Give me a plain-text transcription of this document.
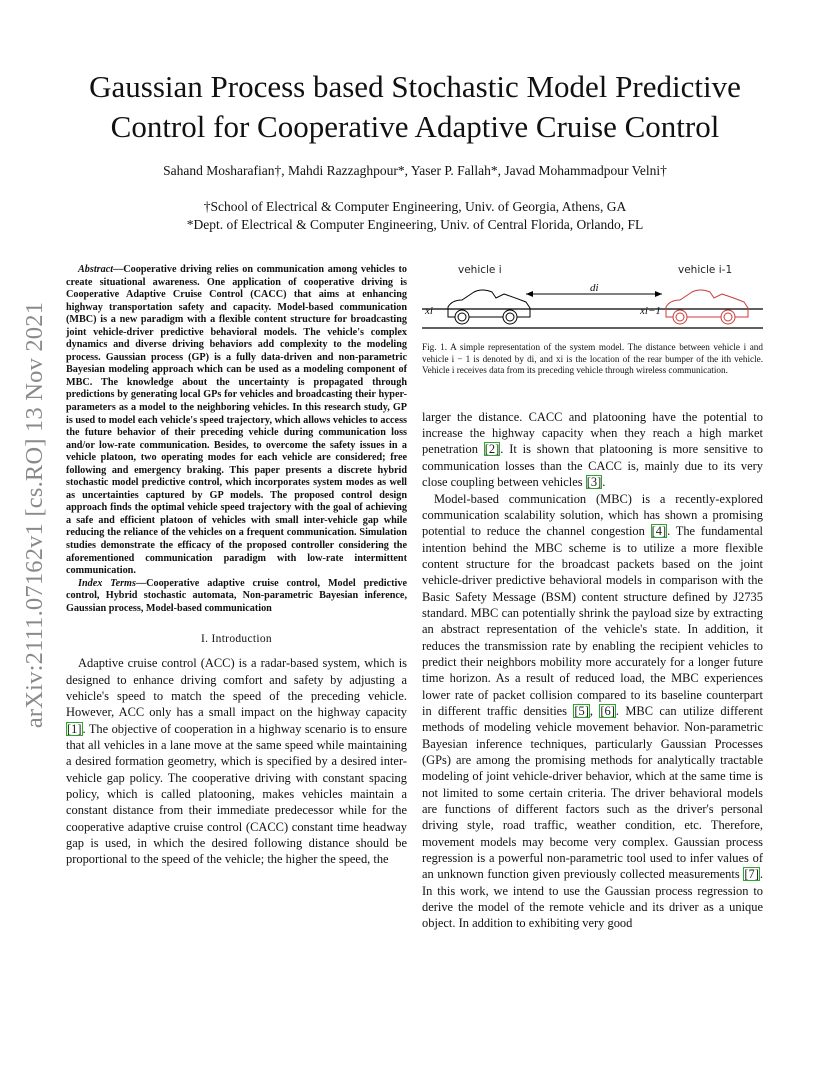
arXiv:2111.07162v1 [cs.RO] 13 Nov 2021
Gaussian Process based Stochastic Model Predictive
Control for Cooperative Adaptive Cruise Control
Sahand Mosharafian†, Mahdi Razzaghpour*, Yaser P. Fallah*, Javad Mohammadpour Velni†
†School of Electrical & Computer Engineering, Univ. of Georgia, Athens, GA
*Dept. of Electrical & Computer Engineering, Univ. of Central Florida, Orlando, FL

Abstract—Cooperative driving relies on communication among vehicles to create situational awareness. One application of cooperative driving is Cooperative Adaptive Cruise Control (CACC) that aims at enhancing highway transportation safety and capacity. Model-based communication (MBC) is a new paradigm with a flexible content structure for broadcasting joint vehicle-driver predictive behavioral models. The vehicle's complex dynamics and diverse driving behaviors add complexity to the modeling process. Gaussian process (GP) is a fully data-driven and non-parametric Bayesian modeling approach which can be used as a modeling component of MBC. The knowledge about the uncertainty is propagated through predictions by generating local GPs for vehicles and broadcasting their hyper-parameters as a model to the neighboring vehicles. In this research study, GP is used to model each vehicle's speed trajectory, which allows vehicles to access the future behavior of their preceding vehicle during communication loss and/or low-rate communication. Besides, to overcome the safety issues in a vehicle platoon, two operating modes for each vehicle are considered; free following and emergency braking. This paper presents a discrete hybrid stochastic model predictive control, which incorporates system modes as well as uncertainties captured by GP models. The proposed control design approach finds the optimal vehicle speed trajectory with the goal of achieving a safe and efficient platoon of vehicles with small inter-vehicle gap while reducing the reliance of the vehicles on a frequent communication. Simulation studies demonstrate the efficacy of the proposed controller considering the aforementioned communication paradigm with low-rate intermittent communication.

Index Terms—Cooperative adaptive cruise control, Model predictive control, Hybrid stochastic automata, Non-parametric Bayesian inference, Gaussian process, Model-based communication

I. Introduction

Adaptive cruise control (ACC) is a radar-based system, which is designed to enhance driving comfort and safety by adjusting a vehicle's speed to match the speed of the preceding vehicle. However, ACC only has a small impact on the highway capacity [1]. The objective of cooperation in a highway scenario is to ensure that all vehicles in a lane move at the same speed while maintaining a desired formation geometry, which is specified by a desired inter-vehicle gap policy. The cooperative driving with constant spacing policy, which is called platooning, makes vehicles maintain a constant distance from their immediate predecessor while for the cooperative adaptive cruise control (CACC) constant time headway gap is used, in which the desired following distance should be proportional to the speed of the vehicle; the higher the speed, the

vehicle i	vehicle i-1
di
xi	xi−1

Fig. 1. A simple representation of the system model. The distance between vehicle i and vehicle i − 1 is denoted by di, and xi is the location of the rear bumper of the ith vehicle. Vehicle i receives data from its preceding vehicle through wireless communication.

larger the distance. CACC and platooning have the potential to increase the highway capacity when they reach a high market penetration [2]. It is shown that platooning is more sensitive to communication losses than the CACC is, mainly due to its very close coupling between vehicles [3].

Model-based communication (MBC) is a recently-explored communication scalability solution, which has shown a promising potential to reduce the channel congestion [4]. The fundamental intention behind the MBC scheme is to utilize a more flexible content structure for the broadcast packets based on the joint vehicle-driver predictive behavioral models in comparison with the Basic Safety Message (BSM) content structure defined by J2735 standard. MBC can potentially shrink the payload size by extracting an abstract representation of the vehicle's state. In addition, it reduces the transmission rate by enabling the recipient vehicles to predict their neighbors mobility more accurately for a longer future time horizon. As a result of reduced load, the MBC experiences lower rate of packet collision compared to its baseline counterpart in different traffic densities [5], [6]. MBC can utilize different methods of modeling vehicle movement behavior. Non-parametric Bayesian inference techniques, particularly Gaussian Processes (GPs) are among the promising methods for analytically tractable modeling of joint vehicle-driver behavior, which at the same time is not limited to some certain criteria. The driver behavioral models are functions of different factors such as the driver's personal driving style, road traffic, weather condition, etc. Therefore, movement models may become very complex. Gaussian process regression is a powerful non-parametric tool used to infer values of an unknown function given previously collected measurements [7]. In this work, we intend to use the Gaussian process regression to derive the model of the remote vehicle and its driver as a unique object. In addition to exhibiting very good
